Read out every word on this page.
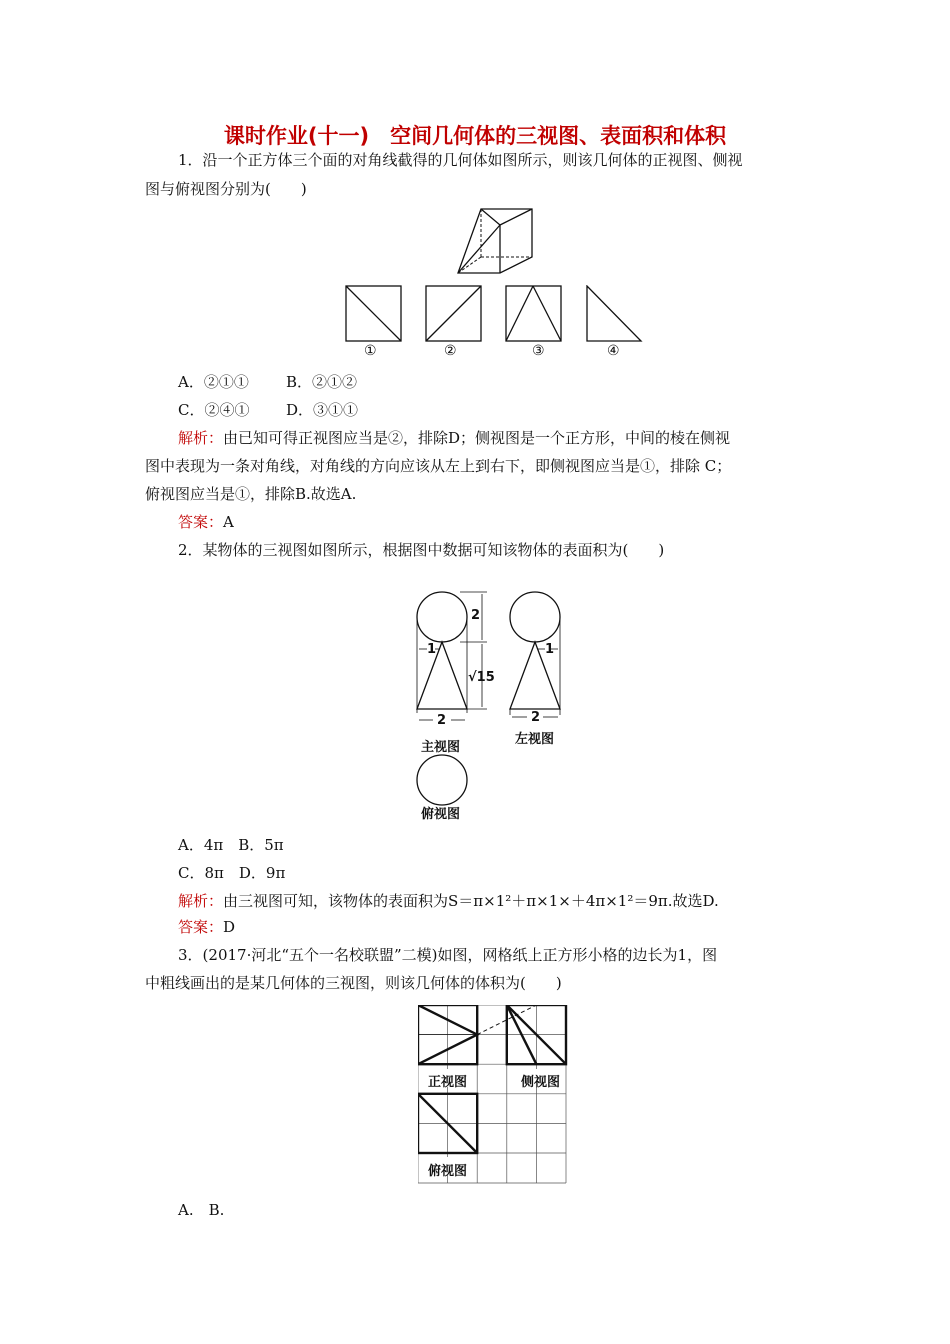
课时作业(十一)　空间几何体的三视图、表面积和体积
1．沿一个正方体三个面的对角线截得的几何体如图所示，则该几何体的正视图、侧视
图与俯视图分别为(　　)
①	②	③	④
A．②①① B．②①②
C．②④① D．③①①
解析：由已知可得正视图应当是②，排除D；侧视图是一个正方形，中间的棱在侧视
图中表现为一条对角线，对角线的方向应该从左上到右下，即侧视图应当是①，排除 C；
俯视图应当是①，排除B.故选A.
答案：A
2．某物体的三视图如图所示，根据图中数据可知该物体的表面积为(　　)
2
1	1
√15
2	2
主视图
左视图
俯视图
A．4π　B．5π
C．8π　D．9π
解析：由三视图可知，该物体的表面积为S＝π×1²＋π×1×＋4π×1²＝9π.故选D.
答案：D
3．(2017·河北“五个一名校联盟”二模)如图，网格纸上正方形小格的边长为1，图
中粗线画出的是某几何体的三视图，则该几何体的体积为(　　)
正视图	侧视图
俯视图
A.　B.
